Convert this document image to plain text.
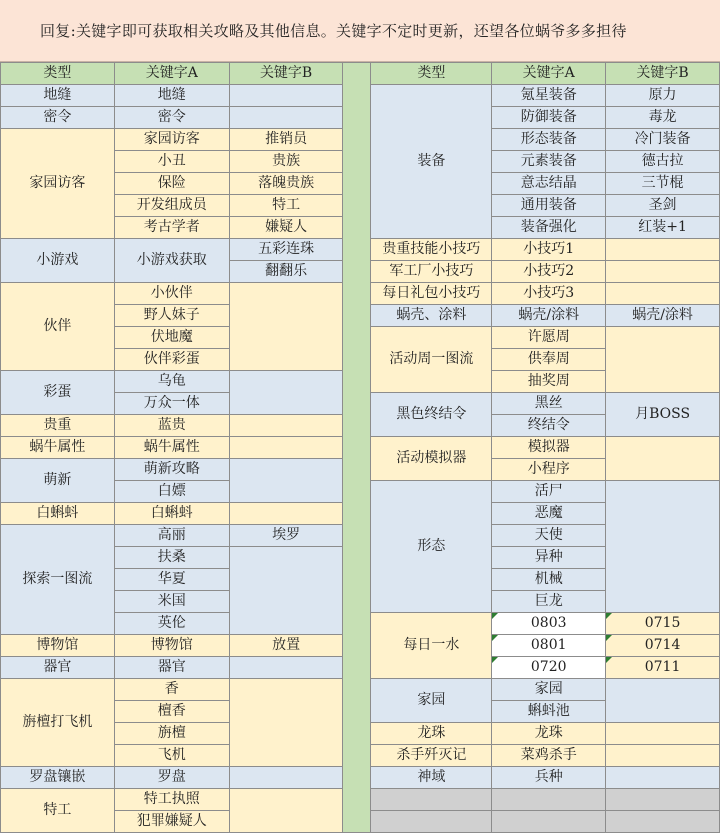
回复:关键字即可获取相关攻略及其他信息。关键字不定时更新，还望各位蜗爷多多担待
类型	关键字A	关键字B		类型	关键字A	关键字B
地缝	地缝			装备	氪星装备	原力
密令	密令				防御装备	毒龙
家园访客	家园访客	推销员			形态装备	冷门装备
	小丑	贵族			元素装备	德古拉
	保险	落魄贵族			意志结晶	三节棍
	开发组成员	特工			通用装备	圣剑
	考古学者	嫌疑人			装备强化	红装+1
小游戏	小游戏获取	五彩连珠		贵重技能小技巧	小技巧1	
		翻翻乐		军工厂小技巧	小技巧2	
伙伴	小伙伴			每日礼包小技巧	小技巧3	
	野人妹子			蜗壳、涂料	蜗壳/涂料	蜗壳/涂料
	伏地魔			活动周一图流	许愿周	
	伙伴彩蛋				供奉周	
彩蛋	乌龟				抽奖周	
	万众一体			黑色终结令	黑丝	月BOSS
贵重	蓝贵				终结令	
蜗牛属性	蜗牛属性			活动模拟器	模拟器	
萌新	萌新攻略				小程序	
	白嫖			形态	活尸	
白蝌蚪	白蝌蚪				恶魔	
探索一图流	高丽	埃罗			天使	
	扶桑				异种	
	华夏				机械	
	米国				巨龙	
	英伦			每日一水	0803	0715
博物馆	博物馆	放置			0801	0714
器官	器官				0720	0711
旃檀打飞机	香			家园	家园	
	檀香				蝌蚪池	
	旃檀			龙珠	龙珠	
	飞机			杀手歼灭记	菜鸡杀手	
罗盘镶嵌	罗盘			神域	兵种	
特工	特工执照					
	犯罪嫌疑人					
